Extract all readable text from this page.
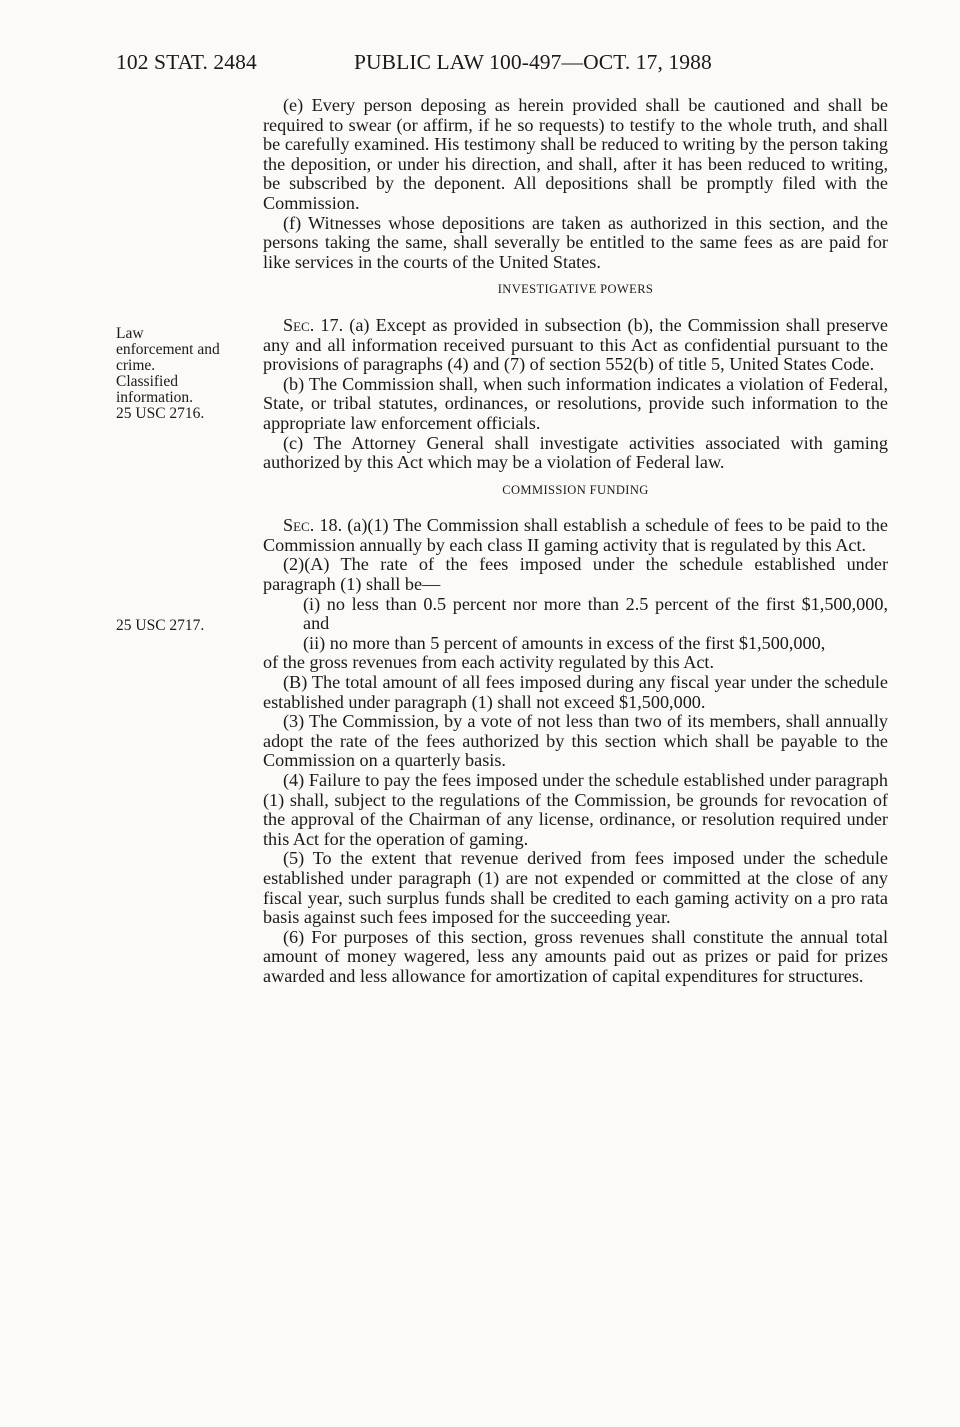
102 STAT. 2484	PUBLIC LAW 100-497—OCT. 17, 1988
Law
enforcement and
crime.
Classified
information.
25 USC 2716.
25 USC 2717.

(e) Every person deposing as herein provided shall be cautioned and shall be required to swear (or affirm, if he so requests) to testify to the whole truth, and shall be carefully examined. His testimony shall be reduced to writing by the person taking the deposition, or under his direction, and shall, after it has been reduced to writing, be subscribed by the deponent. All depositions shall be promptly filed with the Commission.

(f) Witnesses whose depositions are taken as authorized in this section, and the persons taking the same, shall severally be entitled to the same fees as are paid for like services in the courts of the United States.

INVESTIGATIVE POWERS

Sec. 17. (a) Except as provided in subsection (b), the Commission shall preserve any and all information received pursuant to this Act as confidential pursuant to the provisions of paragraphs (4) and (7) of section 552(b) of title 5, United States Code.

(b) The Commission shall, when such information indicates a violation of Federal, State, or tribal statutes, ordinances, or resolutions, provide such information to the appropriate law enforcement officials.

(c) The Attorney General shall investigate activities associated with gaming authorized by this Act which may be a violation of Federal law.

COMMISSION FUNDING

Sec. 18. (a)(1) The Commission shall establish a schedule of fees to be paid to the Commission annually by each class II gaming activity that is regulated by this Act.

(2)(A) The rate of the fees imposed under the schedule established under paragraph (1) shall be—

(i) no less than 0.5 percent nor more than 2.5 percent of the first $1,500,000, and

(ii) no more than 5 percent of amounts in excess of the first $1,500,000,

of the gross revenues from each activity regulated by this Act.

(B) The total amount of all fees imposed during any fiscal year under the schedule established under paragraph (1) shall not exceed $1,500,000.

(3) The Commission, by a vote of not less than two of its members, shall annually adopt the rate of the fees authorized by this section which shall be payable to the Commission on a quarterly basis.

(4) Failure to pay the fees imposed under the schedule established under paragraph (1) shall, subject to the regulations of the Commission, be grounds for revocation of the approval of the Chairman of any license, ordinance, or resolution required under this Act for the operation of gaming.

(5) To the extent that revenue derived from fees imposed under the schedule established under paragraph (1) are not expended or committed at the close of any fiscal year, such surplus funds shall be credited to each gaming activity on a pro rata basis against such fees imposed for the succeeding year.

(6) For purposes of this section, gross revenues shall constitute the annual total amount of money wagered, less any amounts paid out as prizes or paid for prizes awarded and less allowance for amortization of capital expenditures for structures.
